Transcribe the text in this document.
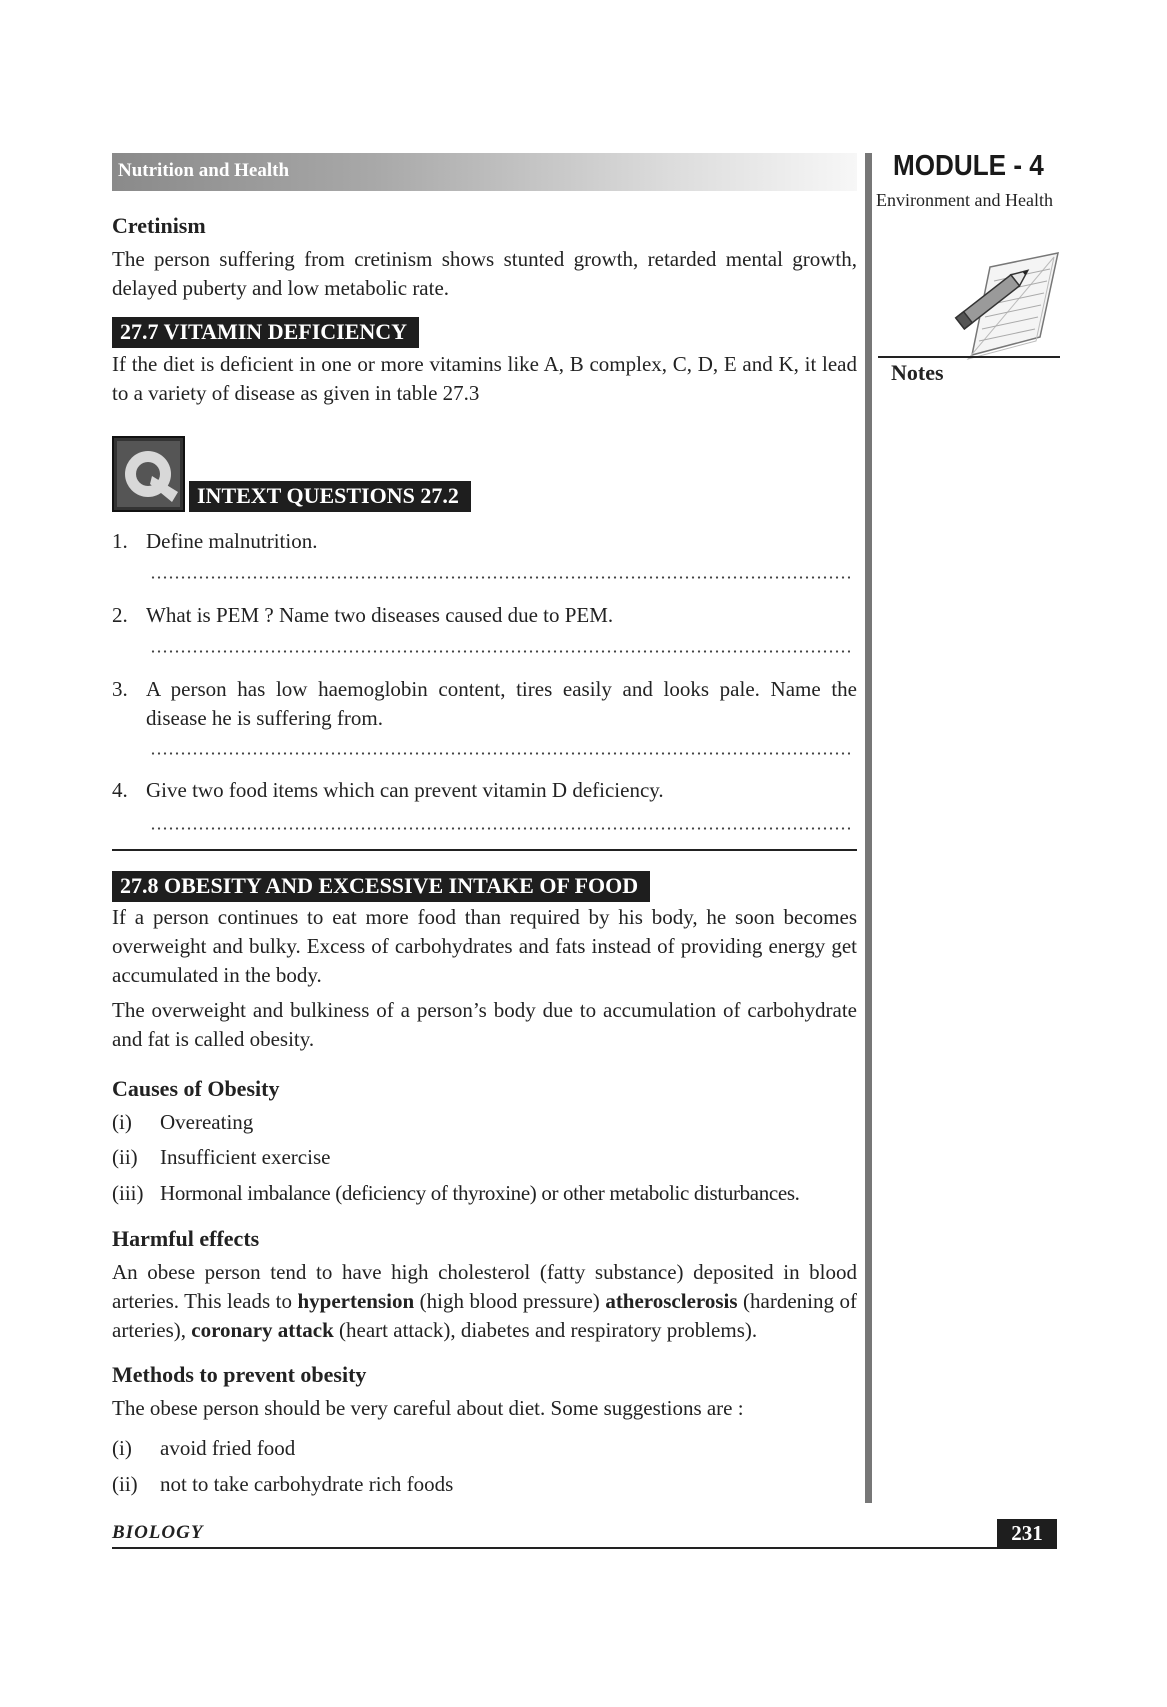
Nutrition and Health	MODULE - 4
Environment and Health
Notes

Cretinism

The person suffering from cretinism shows stunted growth, retarded mental growth, delayed puberty and low metabolic rate.

27.7 VITAMIN DEFICIENCY

If the diet is deficient in one or more vitamins like A, B complex, C, D, E and K, it lead to a variety of disease as given in table 27.3

INTEXT QUESTIONS 27.2

1. Define malnutrition.
2. What is PEM ? Name two diseases caused due to PEM.
3. A person has low haemoglobin content, tires easily and looks pale. Name the disease he is suffering from.
4. Give two food items which can prevent vitamin D deficiency.

27.8 OBESITY AND EXCESSIVE INTAKE OF FOOD

If a person continues to eat more food than required by his body, he soon becomes overweight and bulky. Excess of carbohydrates and fats instead of providing energy get accumulated in the body.

The overweight and bulkiness of a person’s body due to accumulation of carbohydrate and fat is called obesity.

Causes of Obesity

(i) Overeating
(ii) Insufficient exercise
(iii) Hormonal imbalance (deficiency of thyroxine) or other metabolic disturbances.

Harmful effects

An obese person tend to have high cholesterol (fatty substance) deposited in blood arteries. This leads to hypertension (high blood pressure) atherosclerosis (hardening of arteries), coronary attack (heart attack), diabetes and respiratory problems).

Methods to prevent obesity

The obese person should be very careful about diet. Some suggestions are :

(i) avoid fried food
(ii) not to take carbohydrate rich foods
BIOLOGY	231
